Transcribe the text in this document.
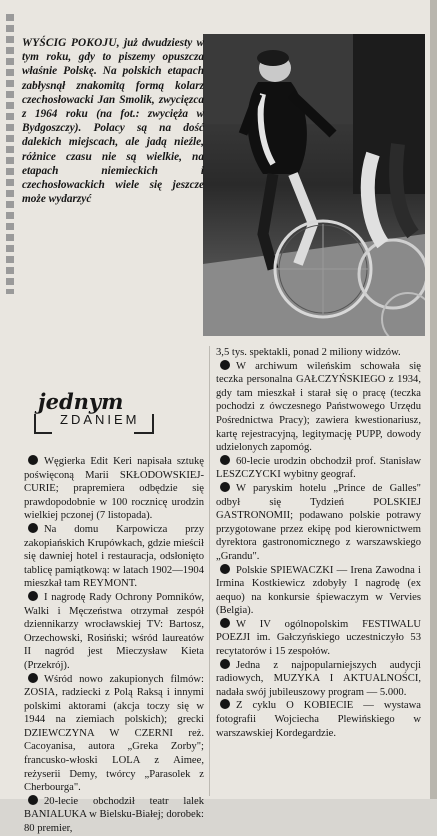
WYŚCIG POKOJU, już dwudziesty w tym roku, gdy to piszemy opuszcza właśnie Polskę. Na polskich etapach zabłysnął znakomitą formą kolarz czechosłowacki Jan Smolik, zwycięzca z 1964 roku (na fot.: zwycięża w Bydgoszczy). Polacy są na dość dalekich miejscach, ale jadą nieźle, różnice czasu nie są wielkie, na etapach niemieckich i czechosłowackich wiele się jeszcze może wydarzyć
jednym
ZDANIEM

Węgierka Edit Keri napisała sztukę poświęconą Marii SKŁODOWSKIEJ-CURIE; prapremiera odbędzie się prawdopodobnie w 100 rocznicę urodzin wielkiej pczonej (7 listopada).

Na domu Karpowicza przy zakopiańskich Krupówkach, gdzie mieścił się dawniej hotel i restauracja, odsłonięto tablicę pamiątkową: w latach 1902—1904 mieszkał tam REYMONT.

I nagrodę Rady Ochrony Pomników, Walki i Męczeństwa otrzymał zespół dziennikarzy wrocławskiej TV: Bartosz, Orzechowski, Rosiński; wśród laureatów II nagród jest Mieczysław Kieta (Przekrój).

Wśród nowo zakupionych filmów: ZOSIA, radziecki z Polą Raksą i innymi polskimi aktorami (akcja toczy się w 1944 na ziemiach polskich); grecki DZIEWCZYNA W CZERNI reż. Cacoyanisa, autora „Greka Zorby"; francusko-włoski LOLA z Aimee, reżyserii Demy, twórcy „Parasolek z Cherbourga".

20-lecie obchodził teatr lalek BANIALUKA w Bielsku-Białej; dorobek: 80 premier,

3,5 tys. spektakli, ponad 2 miliony widzów.

W archiwum wileńskim schowała się teczka personalna GAŁCZYŃSKIEGO z 1934, gdy tam mieszkał i starał się o pracę (teczka pochodzi z ówczesnego Państwowego Urzędu Pośrednictwa Pracy); zawiera kwestionariusz, kartę rejestracyjną, legitymację PUPP, dowody udzielonych zapomóg.

60-lecie urodzin obchodził prof. Stanisław LESZCZYCKI wybitny geograf.

W paryskim hotelu „Prince de Galles" odbył się Tydzień POLSKIEJ GASTRONOMII; podawano polskie potrawy przygotowane przez ekipę pod kierownictwem dyrektora gastronomicznego z warszawskiego „Grandu".

Polskie SPIEWACZKI — Irena Zawodna i Irmina Kostkiewicz zdobyły I nagrodę (ex aequo) na konkursie śpiewaczym w Vervies (Belgia).

W IV ogólnopolskim FESTIWALU POEZJI im. Gałczyńskiego uczestniczyło 53 recytatorów i 15 zespołów.

Jedna z najpopularniejszych audycji radiowych, MUZYKA I AKTUALNOŚCI, nadała swój jubileuszowy program — 5.000.

Z cyklu O KOBIECIE — wystawa fotografii Wojciecha Plewińskiego w warszawskiej Kordegardzie.
